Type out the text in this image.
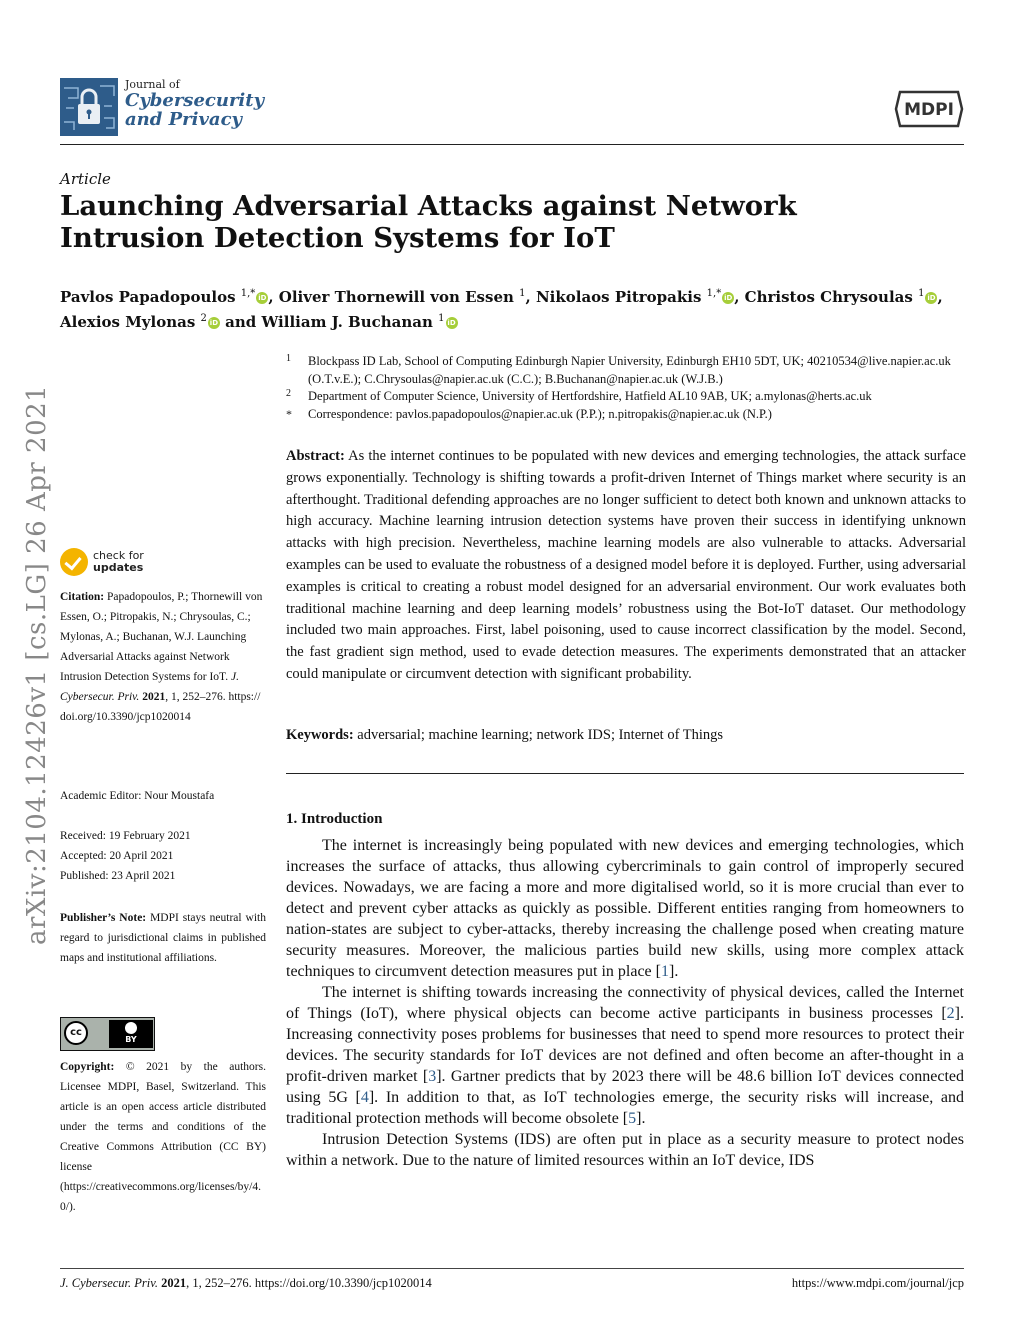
Journal of
Cybersecurity
and Privacy	MDPI
Article
Launching Adversarial Attacks against Network Intrusion Detection Systems for IoT
Pavlos Papadopoulos $^{1,*}$ iD , Oliver Thornewill von Essen $^1$, Nikolaos Pitropakis $^{1,*}$ iD , Christos Chrysoulas $^1$ iD , Alexios Mylonas $^2$ iD and William J. Buchanan $^1$ iD
arXiv:2104.12426v1 [cs.LG] 26 Apr 2021
1 Blockpass ID Lab, School of Computing Edinburgh Napier University, Edinburgh EH10 5DT, UK; 40210534@live.napier.ac.uk (O.T.v.E.); C.Chrysoulas@napier.ac.uk (C.C.); B.Buchanan@napier.ac.uk (W.J.B.)
2 Department of Computer Science, University of Hertfordshire, Hatfield AL10 9AB, UK; a.mylonas@herts.ac.uk
* Correspondence: pavlos.papadopoulos@napier.ac.uk (P.P.); n.pitropakis@napier.ac.uk (N.P.)

Abstract: As the internet continues to be populated with new devices and emerging technologies, the attack surface grows exponentially. Technology is shifting towards a profit-driven Internet of Things market where security is an afterthought. Traditional defending approaches are no longer sufficient to detect both known and unknown attacks to high accuracy. Machine learning intrusion detection systems have proven their success in identifying unknown attacks with high precision. Nevertheless, machine learning models are also vulnerable to attacks. Adversarial examples can be used to evaluate the robustness of a designed model before it is deployed. Further, using adversarial examples is critical to creating a robust model designed for an adversarial environment. Our work evaluates both traditional machine learning and deep learning models’ robustness using the Bot-IoT dataset. Our methodology included two main approaches. First, label poisoning, used to cause incorrect classification by the model. Second, the fast gradient sign method, used to evade detection measures. The experiments demonstrated that an attacker could manipulate or circumvent detection with significant probability.

Keywords: adversarial; machine learning; network IDS; Internet of Things
check for
updates
Citation: Papadopoulos, P.; Thornewill von Essen, O.; Pitropakis, N.; Chrysoulas, C.; Mylonas, A.; Buchanan, W.J. Launching Adversarial Attacks against Network Intrusion Detection Systems for IoT. J. Cybersecur. Priv. 2021, 1, 252–276. https://doi.org/10.3390/jcp1020014
Academic Editor: Nour Moustafa
Received: 19 February 2021
Accepted: 20 April 2021
Published: 23 April 2021
Publisher’s Note: MDPI stays neutral with regard to jurisdictional claims in published maps and institutional affiliations.
cc
BY
Copyright: © 2021 by the authors. Licensee MDPI, Basel, Switzerland. This article is an open access article distributed under the terms and conditions of the Creative Commons Attribution (CC BY) license (https://creativecommons.org/licenses/by/4.0/).
1. Introduction

The internet is increasingly being populated with new devices and emerging technologies, which increases the surface of attacks, thus allowing cybercriminals to gain control of improperly secured devices. Nowadays, we are facing a more and more digitalised world, so it is more crucial than ever to detect and prevent cyber attacks as quickly as possible. Different entities ranging from homeowners to nation-states are subject to cyber-attacks, thereby increasing the challenge posed when creating mature security measures. Moreover, the malicious parties build new skills, using more complex attack techniques to circumvent detection measures put in place [1].

The internet is shifting towards increasing the connectivity of physical devices, called the Internet of Things (IoT), where physical objects can become active participants in business processes [2]. Increasing connectivity poses problems for businesses that need to spend more resources to protect their devices. The security standards for IoT devices are not defined and often become an after-thought in a profit-driven market [3]. Gartner predicts that by 2023 there will be 48.6 billion IoT devices connected using 5G [4]. In addition to that, as IoT technologies emerge, the security risks will increase, and traditional protection methods will become obsolete [5].

Intrusion Detection Systems (IDS) are often put in place as a security measure to protect nodes within a network. Due to the nature of limited resources within an IoT device, IDS

J. Cybersecur. Priv. 2021, 1, 252–276. https://doi.org/10.3390/jcp1020014	https://www.mdpi.com/journal/jcp
